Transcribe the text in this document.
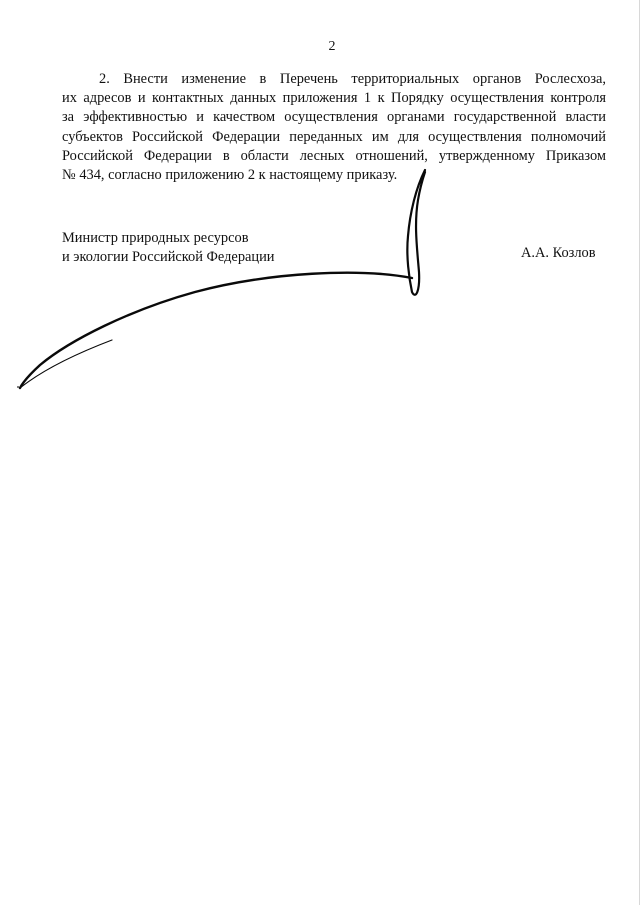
2
2. Внести изменение в Перечень территориальных органов Рослесхоза,
их адресов и контактных данных приложения 1 к Порядку осуществления контроля
за эффективностью и качеством осуществления органами государственной власти
субъектов Российской Федерации переданных им для осуществления полномочий
Российской Федерации в области лесных отношений, утвержденному Приказом
№ 434, согласно приложению 2 к настоящему приказу.
Министр природных ресурсов
и экологии Российской Федерации	А.А. Козлов
